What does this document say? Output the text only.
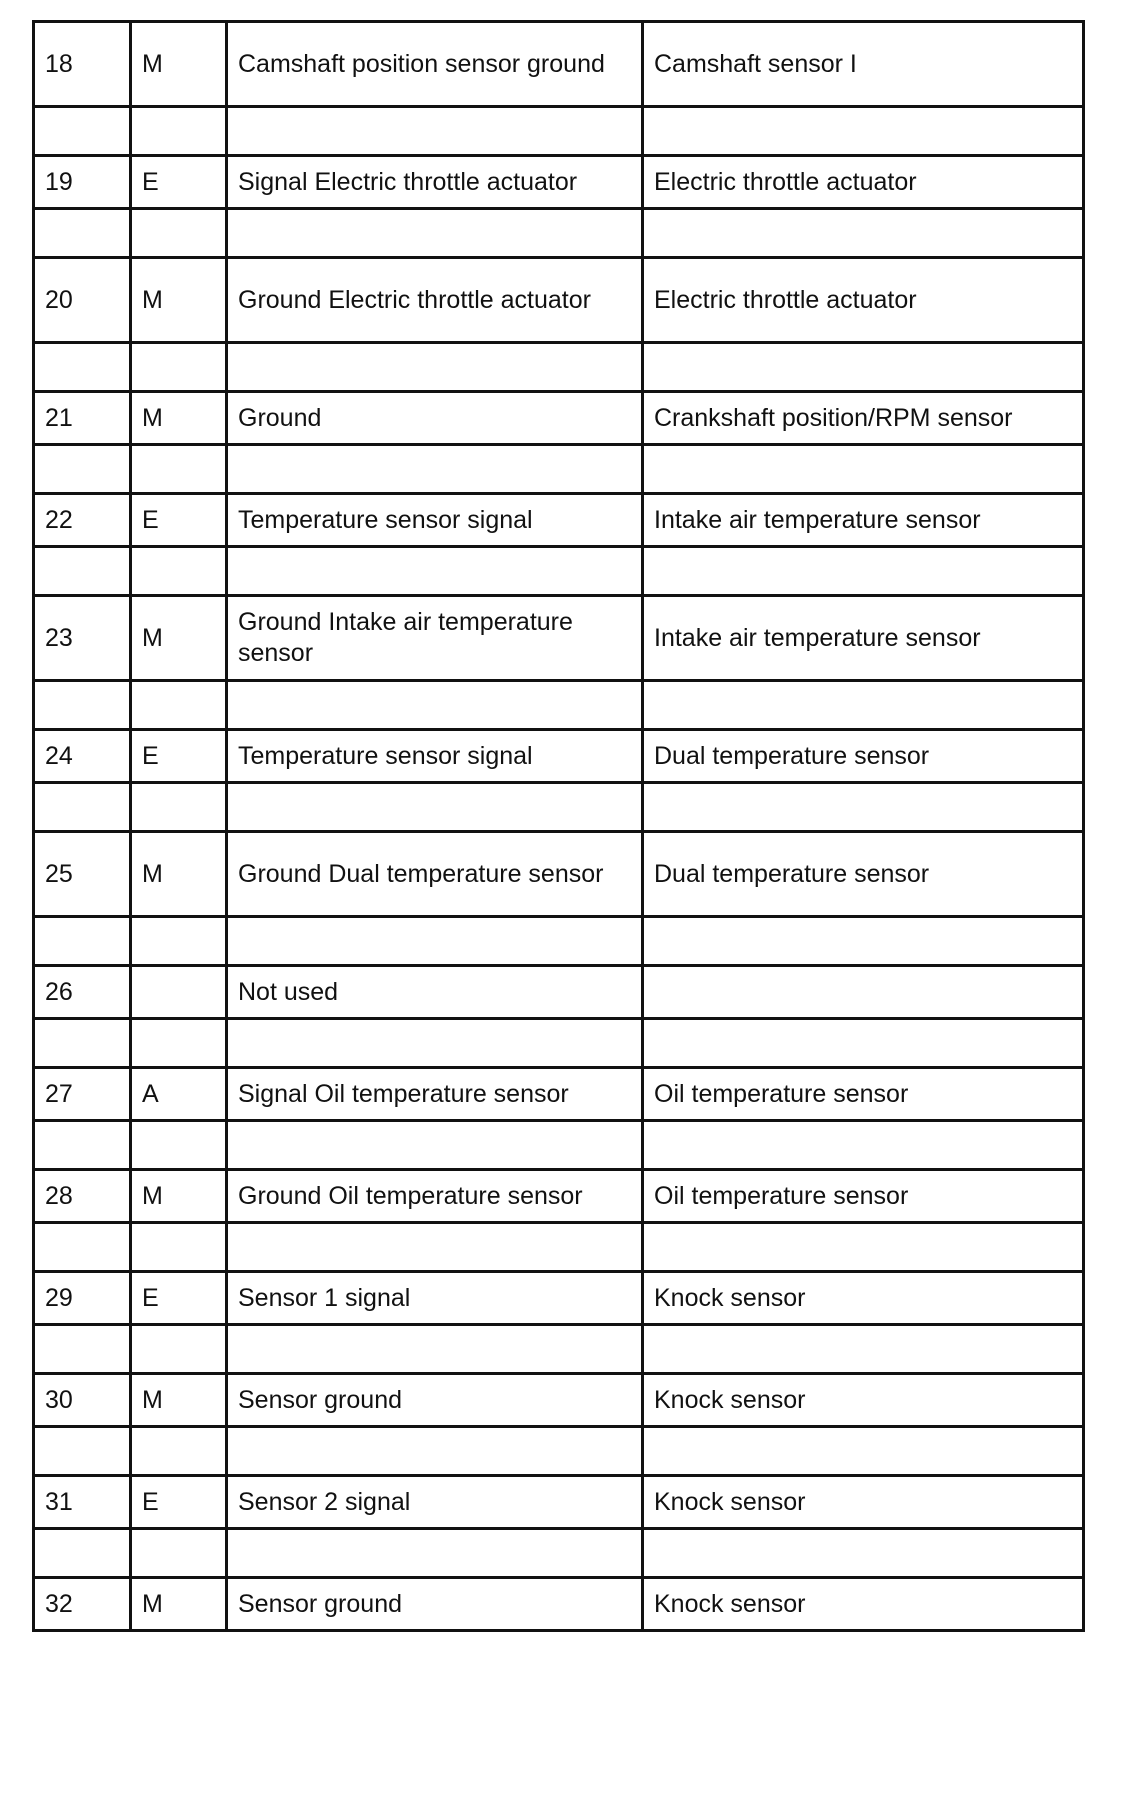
18	M	Camshaft position sensor ground	Camshaft sensor I

19	E	Signal Electric throttle actuator	Electric throttle actuator

20	M	Ground Electric throttle actuator	Electric throttle actuator

21	M	Ground	Crankshaft position/RPM sensor

22	E	Temperature sensor signal	Intake air temperature sensor

23	M	Ground Intake air temperature sensor	Intake air temperature sensor

24	E	Temperature sensor signal	Dual temperature sensor

25	M	Ground Dual temperature sensor	Dual temperature sensor

26		Not used	

27	A	Signal Oil temperature sensor	Oil temperature sensor

28	M	Ground Oil temperature sensor	Oil temperature sensor

29	E	Sensor 1 signal	Knock sensor

30	M	Sensor ground	Knock sensor

31	E	Sensor 2 signal	Knock sensor

32	M	Sensor ground	Knock sensor
